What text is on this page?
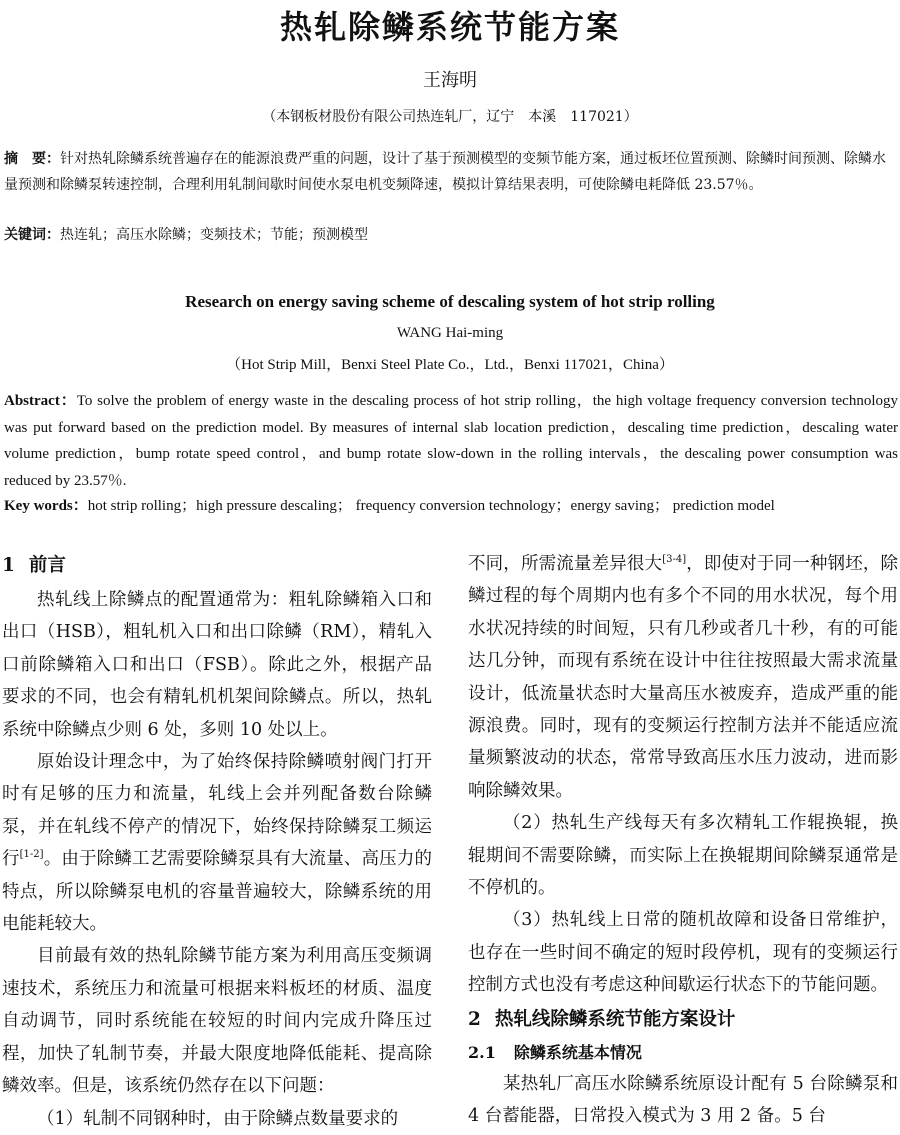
热轧除鳞系统节能方案
王海明
（本钢板材股份有限公司热连轧厂，辽宁　本溪　117021）
摘　要：针对热轧除鳞系统普遍存在的能源浪费严重的问题，设计了基于预测模型的变频节能方案，通过板坯位置预测、除鳞时间预测、除鳞水量预测和除鳞泵转速控制，合理利用轧制间歇时间使水泵电机变频降速，模拟计算结果表明，可使除鳞电耗降低 23.57％。
关键词：热连轧；高压水除鳞；变频技术；节能；预测模型
Research on energy saving scheme of descaling system of hot strip rolling
WANG Hai-ming
（Hot Strip Mill，Benxi Steel Plate Co.，Ltd.，Benxi 117021，China）
Abstract：To solve the problem of energy waste in the descaling process of hot strip rolling，the high voltage frequency conversion technology was put forward based on the prediction model. By measures of internal slab location prediction，descaling time prediction，descaling water volume prediction，bump rotate speed control，and bump rotate slow-down in the rolling intervals，the descaling power consumption was reduced by 23.57％.
Key words：hot strip rolling；high pressure descaling； frequency conversion technology；energy saving； prediction model
1 前言

热轧线上除鳞点的配置通常为：粗轧除鳞箱入口和出口（HSB），粗轧机入口和出口除鳞（RM），精轧入口前除鳞箱入口和出口（FSB）。除此之外，根据产品要求的不同，也会有精轧机机架间除鳞点。所以，热轧系统中除鳞点少则 6 处，多则 10 处以上。

原始设计理念中，为了始终保持除鳞喷射阀门打开时有足够的压力和流量，轧线上会并列配备数台除鳞泵，并在轧线不停产的情况下，始终保持除鳞泵工频运行[1-2]。由于除鳞工艺需要除鳞泵具有大流量、高压力的特点，所以除鳞泵电机的容量普遍较大，除鳞系统的用电能耗较大。

目前最有效的热轧除鳞节能方案为利用高压变频调速技术，系统压力和流量可根据来料板坯的材质、温度自动调节，同时系统能在较短的时间内完成升降压过程，加快了轧制节奏，并最大限度地降低能耗、提高除鳞效率。但是，该系统仍然存在以下问题：

（1）轧制不同钢种时，由于除鳞点数量要求的

不同，所需流量差异很大[3-4]，即使对于同一种钢坯，除鳞过程的每个周期内也有多个不同的用水状况，每个用水状况持续的时间短，只有几秒或者几十秒，有的可能达几分钟，而现有系统在设计中往往按照最大需求流量设计，低流量状态时大量高压水被废弃，造成严重的能源浪费。同时，现有的变频运行控制方法并不能适应流量频繁波动的状态，常常导致高压水压力波动，进而影响除鳞效果。

（2）热轧生产线每天有多次精轧工作辊换辊，换辊期间不需要除鳞，而实际上在换辊期间除鳞泵通常是不停机的。

（3）热轧线上日常的随机故障和设备日常维护，也存在一些时间不确定的短时段停机，现有的变频运行控制方式也没有考虑这种间歇运行状态下的节能问题。

2 热轧线除鳞系统节能方案设计
2.1 除鳞系统基本情况

某热轧厂高压水除鳞系统原设计配有 5 台除鳞泵和 4 台蓄能器，日常投入模式为 3 用 2 备。5 台
